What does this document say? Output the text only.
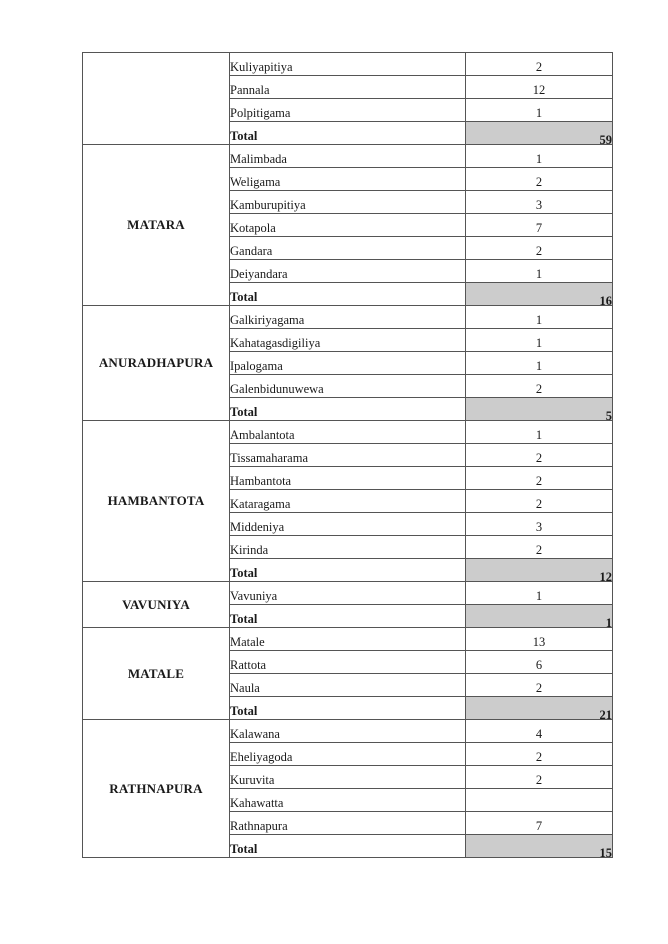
	Kuliyapitiya	2
	Pannala	12
	Polpitigama	1
	Total	59
MATARA	Malimbada	1
	Weligama	2
	Kamburupitiya	3
	Kotapola	7
	Gandara	2
	Deiyandara	1
	Total	16
ANURADHAPURA	Galkiriyagama	1
	Kahatagasdigiliya	1
	Ipalogama	1
	Galenbidunuwewa	2
	Total	5
HAMBANTOTA	Ambalantota	1
	Tissamaharama	2
	Hambantota	2
	Kataragama	2
	Middeniya	3
	Kirinda	2
	Total	12
VAVUNIYA	Vavuniya	1
	Total	1
MATALE	Matale	13
	Rattota	6
	Naula	2
	Total	21
RATHNAPURA	Kalawana	4
	Eheliyagoda	2
	Kuruvita	2
	Kahawatta	
	Rathnapura	7
	Total	15
